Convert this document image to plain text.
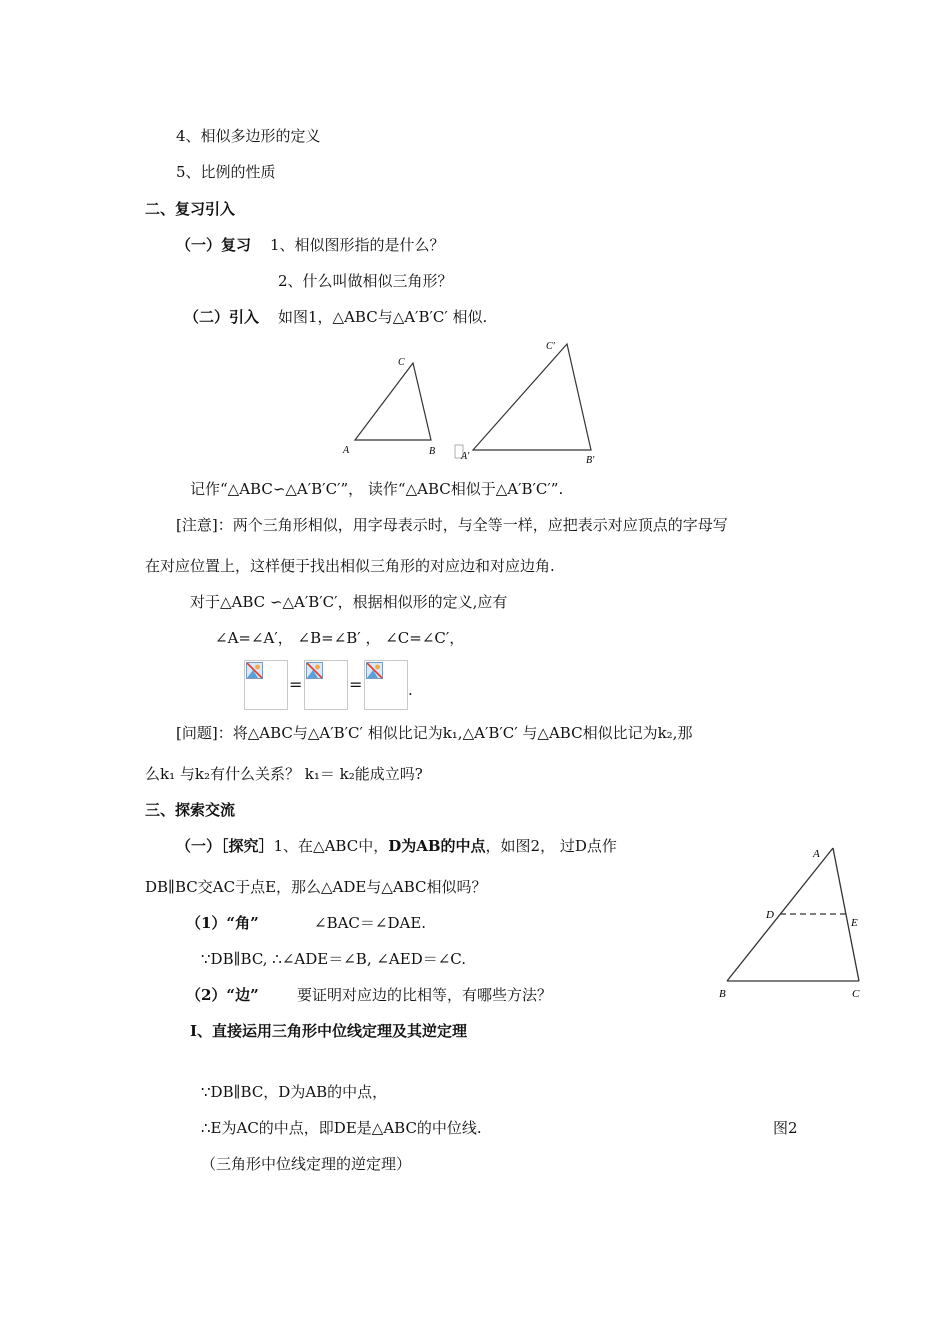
4、相似多边形的定义
5、比例的性质
二、复习引入
（一）复习 1、相似图形指的是什么？
2、什么叫做相似三角形？
（二）引入 如图1，△ABC与△A′B′C′ 相似.
A	B
C
A′	B′
C′
记作“△ABC∽△A′B′C′”， 读作“△ABC相似于△A′B′C′”.
[注意]：两个三角形相似，用字母表示时，与全等一样，应把表示对应顶点的字母写
在对应位置上，这样便于找出相似三角形的对应边和对应边角.
对于△ABC ∽△A′B′C′，根据相似形的定义,应有
∠A=∠A′， ∠B=∠B′ ， ∠C=∠C′，
=	=	.
[问题]：将△ABC与△A′B′C′ 相似比记为k₁,△A′B′C′ 与△ABC相似比记为k₂,那
么k₁ 与k₂有什么关系？ k₁＝ k₂能成立吗?
三、探索交流
（一）［探究］1、在△ABC中，D为AB的中点，如图2， 过D点作
DB∥BC交AC于点E，那么△ADE与△ABC相似吗？
（1）“角”	∠BAC＝∠DAE.
∵DB∥BC, ∴∠ADE＝∠B, ∠AED＝∠C.
（2）“边”	要证明对应边的比相等，有哪些方法？
Ⅰ、直接运用三角形中位线定理及其逆定理
∵DB∥BC，D为AB的中点，
∴E为AC的中点，即DE是△ABC的中位线.	图2
（三角形中位线定理的逆定理）
A
D
E
B	C
